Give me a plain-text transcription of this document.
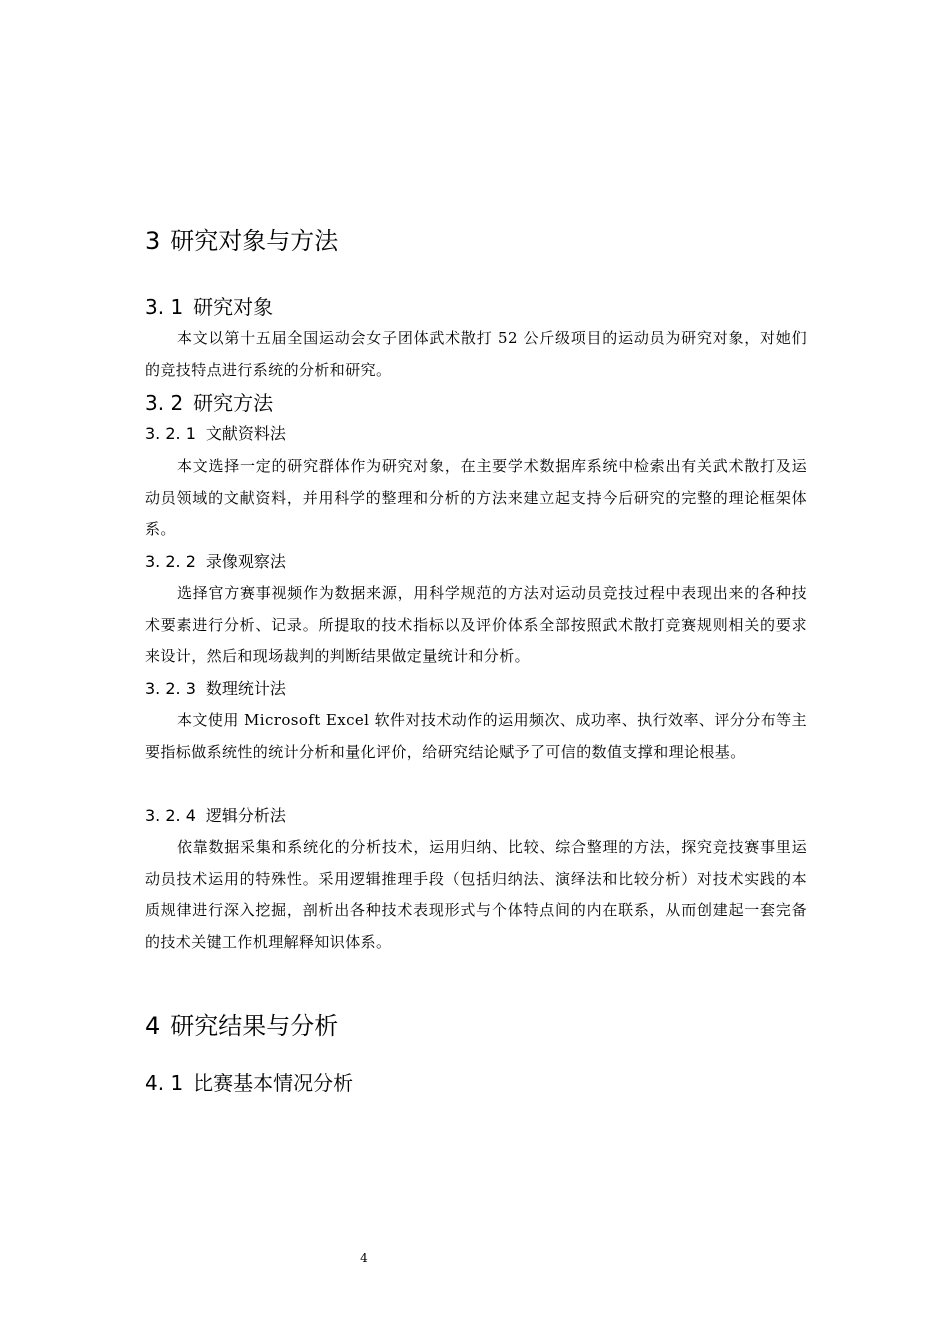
3 研究对象与方法
3. 1 研究对象

本文以第十五届全国运动会女子团体武术散打 52 公斤级项目的运动员为研究对象，对她们的竞技特点进行系统的分析和研究。

3. 2 研究方法
3. 2. 1 文献资料法

本文选择一定的研究群体作为研究对象，在主要学术数据库系统中检索出有关武术散打及运动员领域的文献资料，并用科学的整理和分析的方法来建立起支持今后研究的完整的理论框架体系。

3. 2. 2 录像观察法

选择官方赛事视频作为数据来源，用科学规范的方法对运动员竞技过程中表现出来的各种技术要素进行分析、记录。所提取的技术指标以及评价体系全部按照武术散打竞赛规则相关的要求来设计，然后和现场裁判的判断结果做定量统计和分析。

3. 2. 3 数理统计法

本文使用 Microsoft Excel 软件对技术动作的运用频次、成功率、执行效率、评分分布等主要指标做系统性的统计分析和量化评价，给研究结论赋予了可信的数值支撑和理论根基。

3. 2. 4 逻辑分析法

依靠数据采集和系统化的分析技术，运用归纳、比较、综合整理的方法，探究竞技赛事里运动员技术运用的特殊性。采用逻辑推理手段（包括归纳法、演绎法和比较分析）对技术实践的本质规律进行深入挖掘，剖析出各种技术表现形式与个体特点间的内在联系，从而创建起一套完备的技术关键工作机理解释知识体系。

4 研究结果与分析
4. 1 比赛基本情况分析
4
